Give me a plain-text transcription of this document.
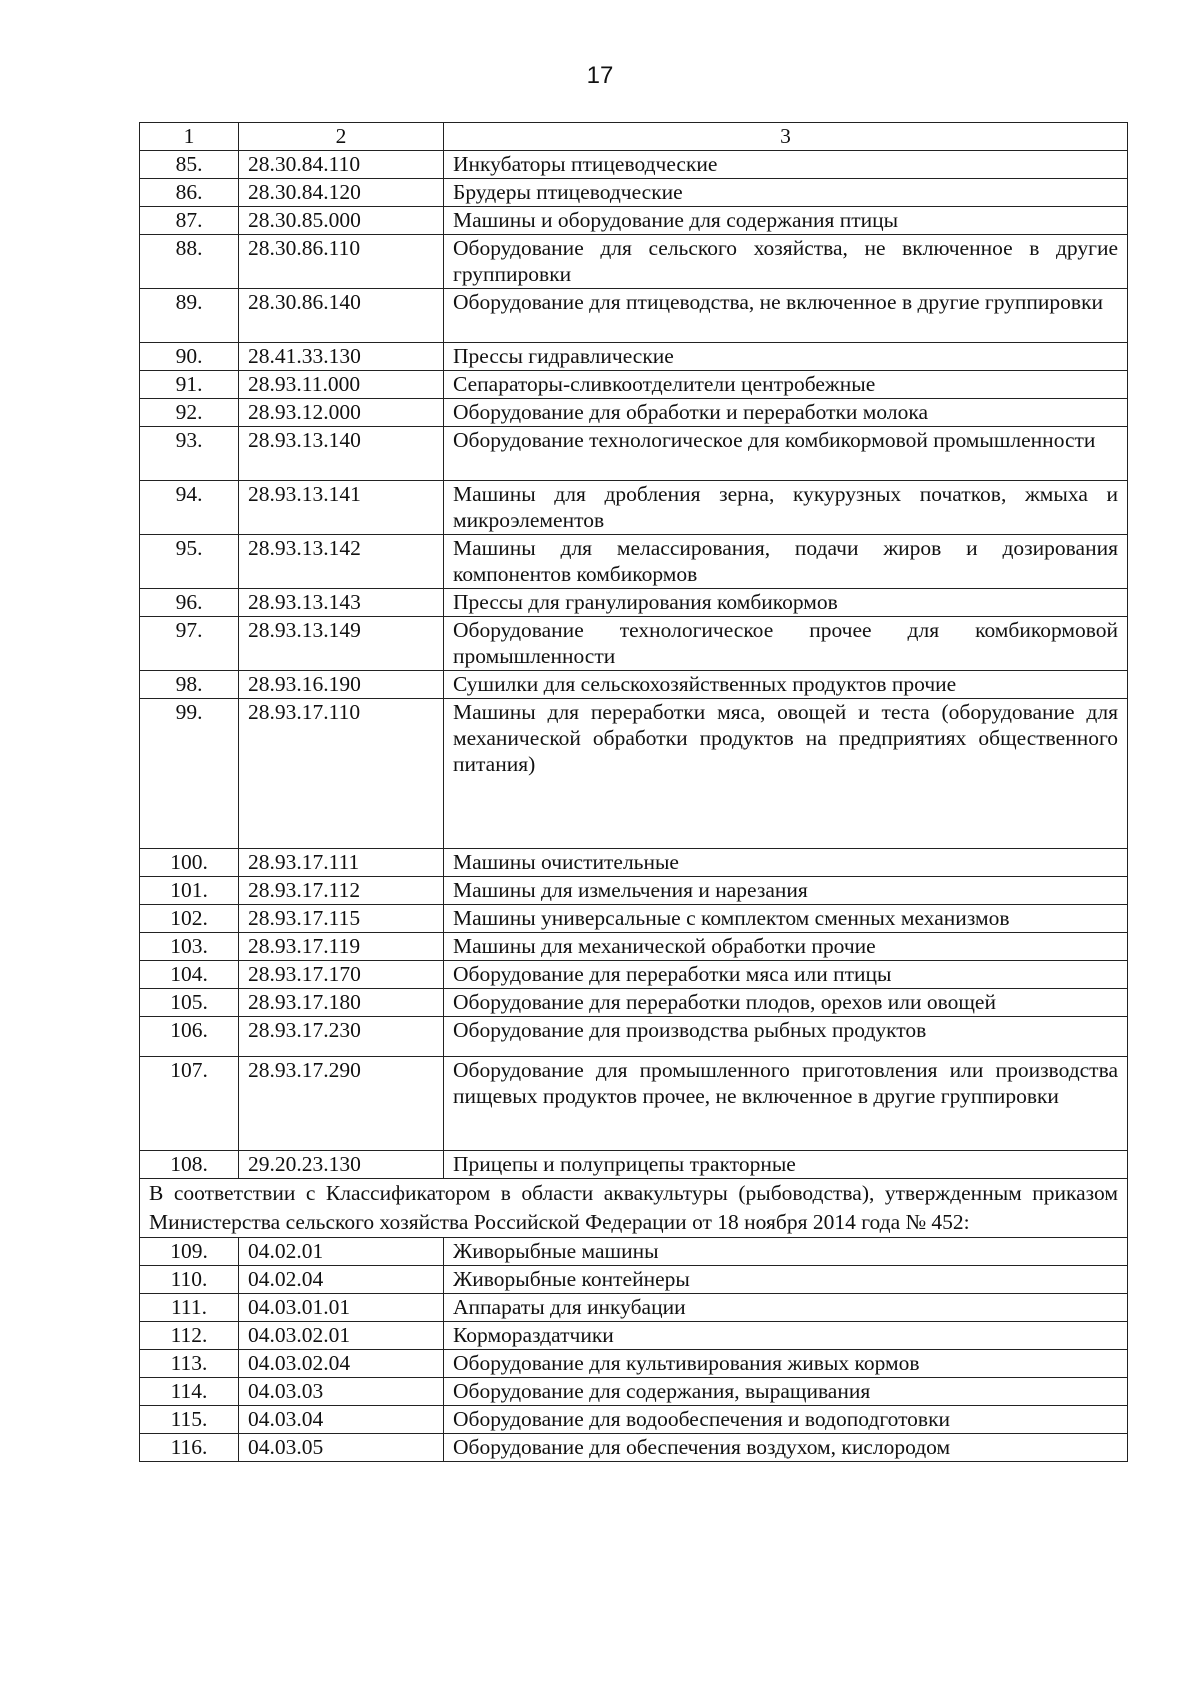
17
1	2	3
85.	28.30.84.110	Инкубаторы птицеводческие
86.	28.30.84.120	Брудеры птицеводческие
87.	28.30.85.000	Машины и оборудование для содержания птицы
88.	28.30.86.110	Оборудование для сельского хозяйства, не включенное в другие группировки
89.	28.30.86.140	Оборудование для птицеводства, не включенное в другие группировки
90.	28.41.33.130	Прессы гидравлические
91.	28.93.11.000	Сепараторы-сливкоотделители центробежные
92.	28.93.12.000	Оборудование для обработки и переработки молока
93.	28.93.13.140	Оборудование технологическое для комбикормовой промышленности
94.	28.93.13.141	Машины для дробления зерна, кукурузных початков, жмыха и микроэлементов
95.	28.93.13.142	Машины для мелассирования, подачи жиров и дозирования компонентов комбикормов
96.	28.93.13.143	Прессы для гранулирования комбикормов
97.	28.93.13.149	Оборудование технологическое прочее для комбикормовой промышленности
98.	28.93.16.190	Сушилки для сельскохозяйственных продуктов прочие
99.	28.93.17.110	Машины для переработки мяса, овощей и теста (оборудование для механической обработки продуктов на предприятиях общественного питания)
100.	28.93.17.111	Машины очистительные
101.	28.93.17.112	Машины для измельчения и нарезания
102.	28.93.17.115	Машины универсальные с комплектом сменных механизмов
103.	28.93.17.119	Машины для механической обработки прочие
104.	28.93.17.170	Оборудование для переработки мяса или птицы
105.	28.93.17.180	Оборудование для переработки плодов, орехов или овощей
106.	28.93.17.230	Оборудование для производства рыбных продуктов
107.	28.93.17.290	Оборудование для промышленного приготовления или производства пищевых продуктов прочее, не включенное в другие группировки
108.	29.20.23.130	Прицепы и полуприцепы тракторные
В соответствии с Классификатором в области аквакультуры (рыбоводства), утвержденным приказом Министерства сельского хозяйства Российской Федерации от 18 ноября 2014 года № 452:		
109.	04.02.01	Живорыбные машины
110.	04.02.04	Живорыбные контейнеры
111.	04.03.01.01	Аппараты для инкубации
112.	04.03.02.01	Кормораздатчики
113.	04.03.02.04	Оборудование для культивирования живых кормов
114.	04.03.03	Оборудование для содержания, выращивания
115.	04.03.04	Оборудование для водообеспечения и водоподготовки
116.	04.03.05	Оборудование для обеспечения воздухом, кислородом
